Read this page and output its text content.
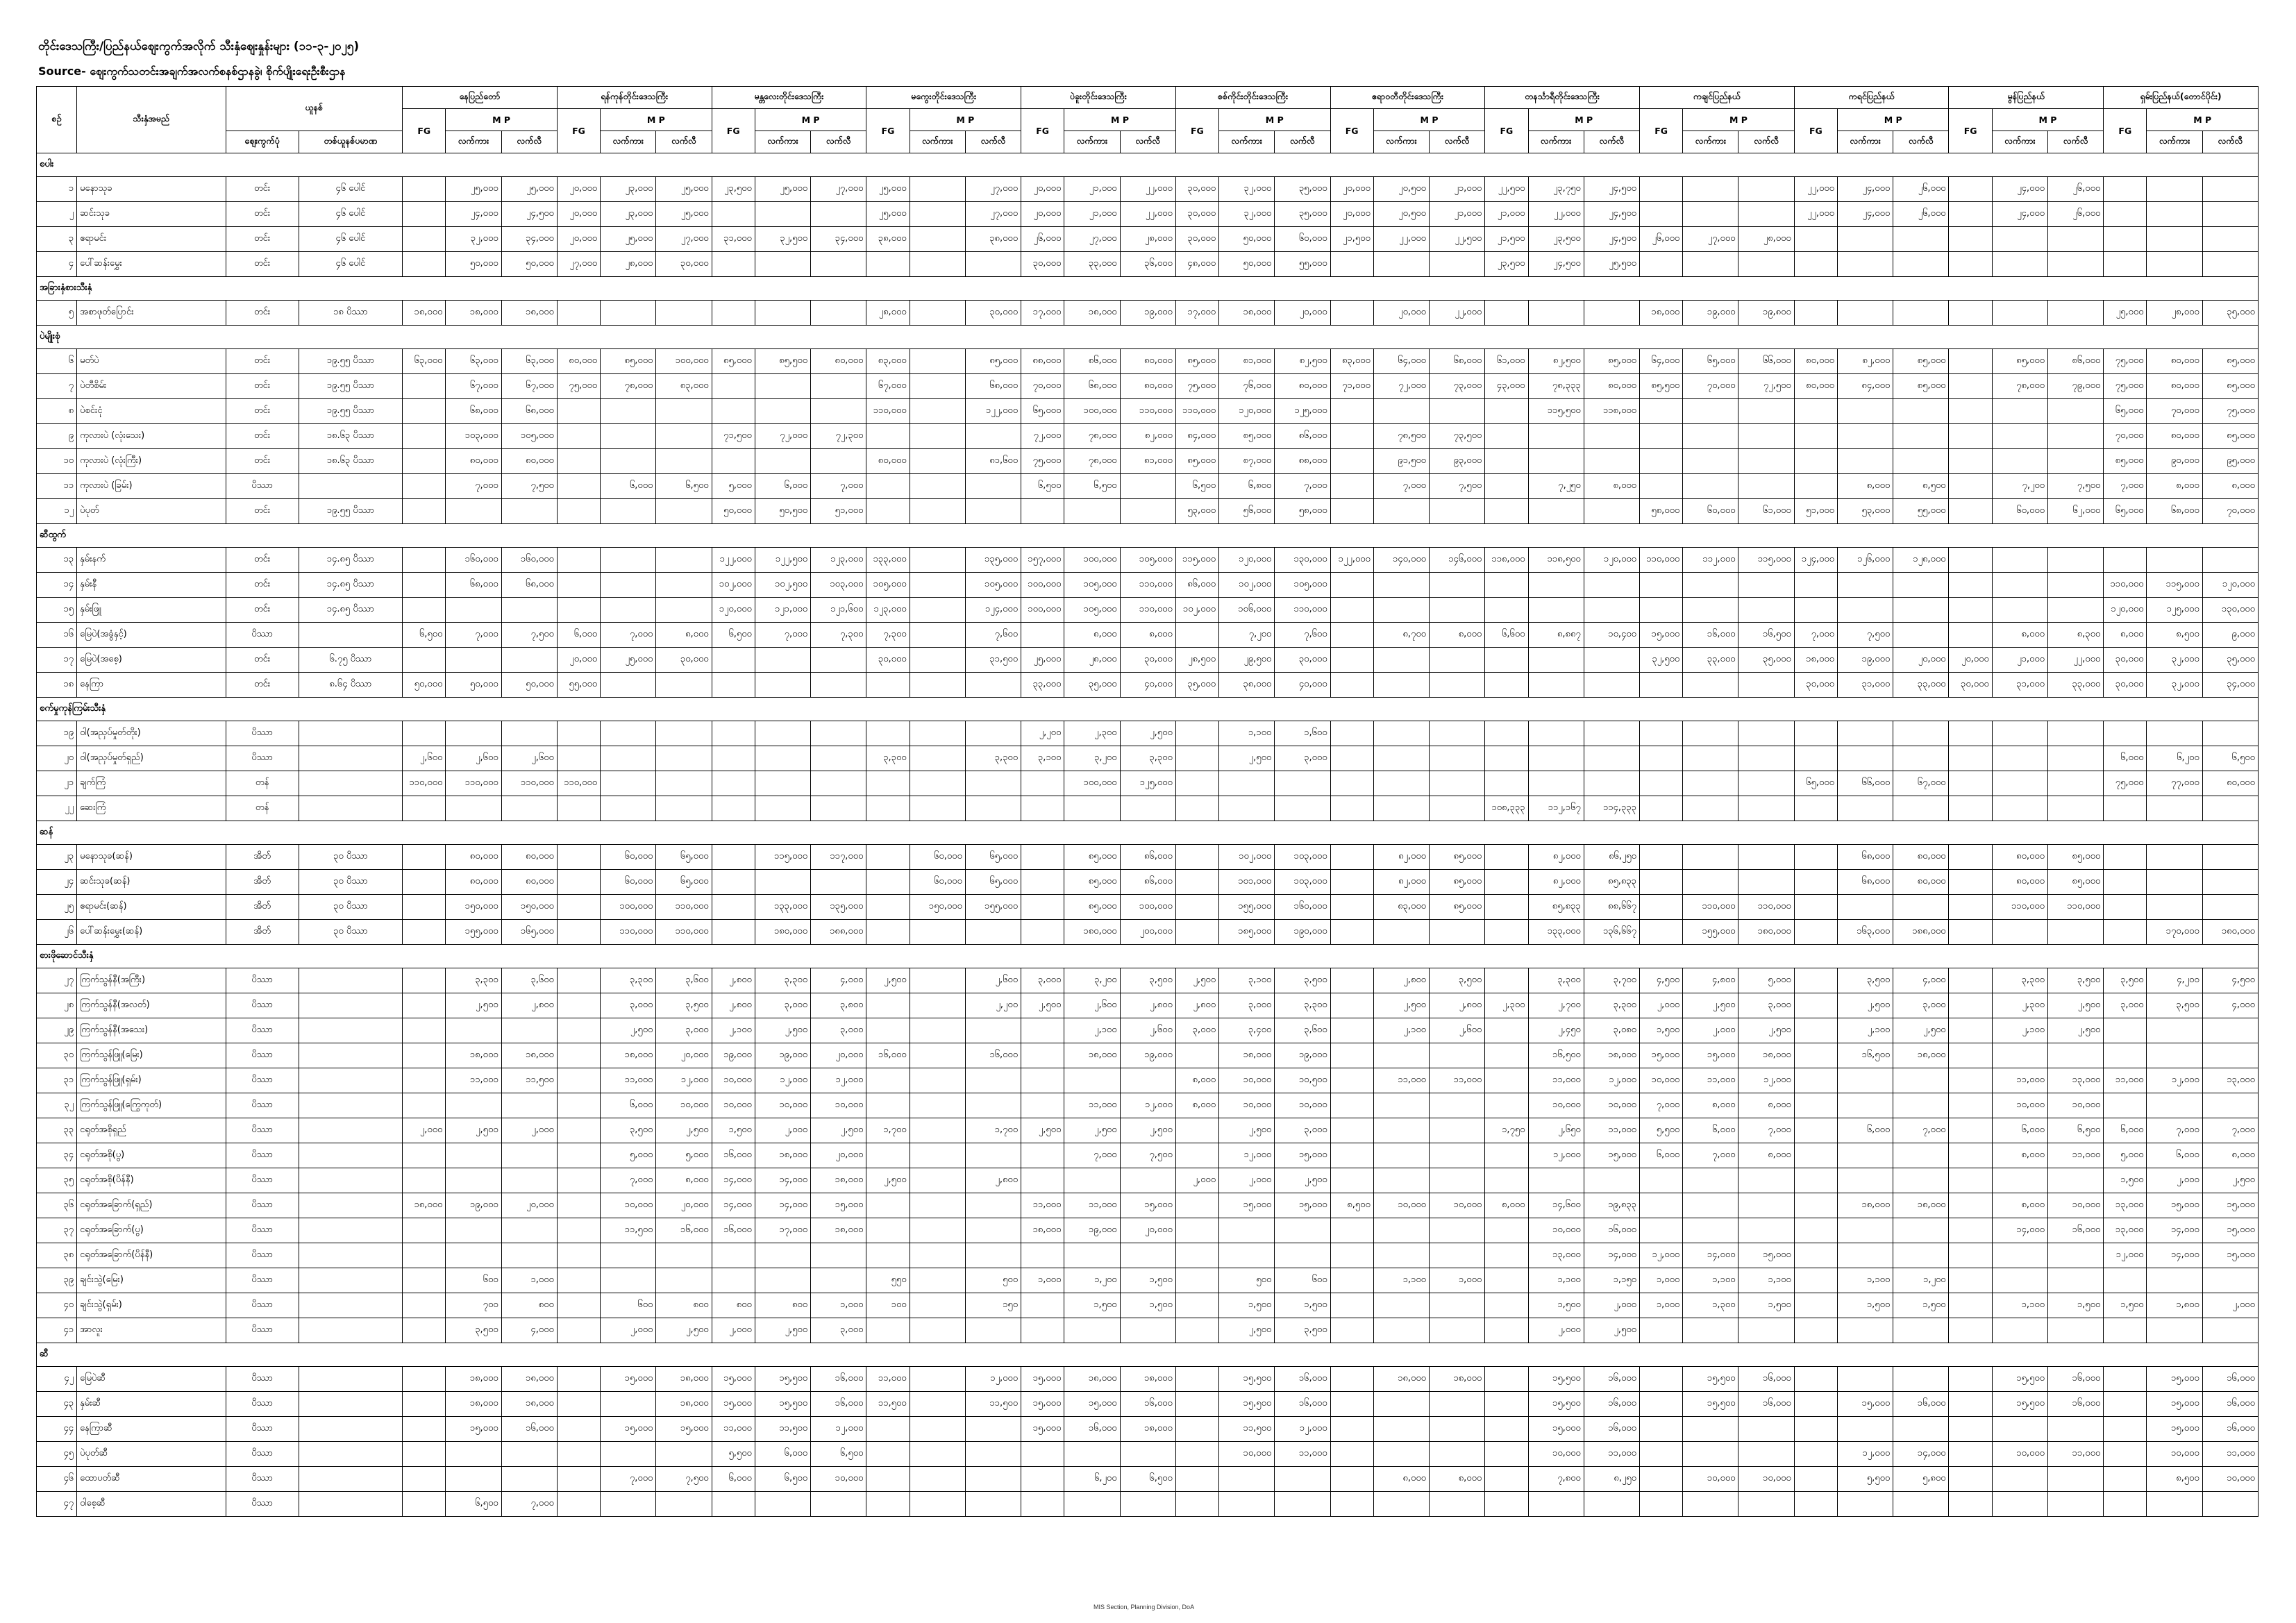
တိုင်းဒေသကြီး/ပြည်နယ်ဈေးကွက်အလိုက် သီးနှံဈေးနှုန်းများ (၁၁-၃-၂၀၂၅)
Source- ဈေးကွက်သတင်းအချက်အလက်စနစ်ဌာနခွဲ၊ စိုက်ပျိုးရေးဦးစီးဌာန
စဉ်	သီးနှံအမည်	ယူနစ်		နေပြည်တော်			ရန်ကုန်တိုင်းဒေသကြီး			မန္တလေးတိုင်းဒေသကြီး			မကွေးတိုင်းဒေသကြီး			ပဲခူးတိုင်းဒေသကြီး			စစ်ကိုင်းတိုင်းဒေသကြီး			ဧရာဝတီတိုင်းဒေသကြီး			တနင်္သာရီတိုင်းဒေသကြီး			ကချင်ပြည်နယ်			ကရင်ပြည်နယ်			မွန်ပြည်နယ်			ရှမ်းပြည်နယ်(တောင်ပိုင်း)		
				FG	M P		FG	M P		FG	M P		FG	M P		FG	M P		FG	M P		FG	M P		FG	M P		FG	M P		FG	M P		FG	M P		FG	M P	
		ဈေးကွက်ပုံ	တစ်ယူနစ်ပမာဏ		လက်ကား	လက်လီ		လက်ကား	လက်လီ		လက်ကား	လက်လီ		လက်ကား	လက်လီ		လက်ကား	လက်လီ		လက်ကား	လက်လီ		လက်ကား	လက်လီ		လက်ကား	လက်လီ		လက်ကား	လက်လီ		လက်ကား	လက်လီ		လက်ကား	လက်လီ		လက်ကား	လက်လီ
စပါး																																							
၁	မနောသုခ	တင်း	၄၆ ပေါင်		၂၅,၀၀၀	၂၅,၀၀၀	၂၀,၀၀၀	၂၃,၀၀၀	၂၅,၀၀၀	၂၃,၅၀၀	၂၅,၀၀၀	၂၇,၀၀၀	၂၅,၀၀၀		၂၇,၀၀၀	၂၀,၀၀၀	၂၁,၀၀၀	၂၂,၀၀၀	၃၀,၀၀၀	၃၂,၀၀၀	၃၅,၀၀၀	၂၀,၀၀၀	၂၀,၅၀၀	၂၁,၀၀၀	၂၂,၅၀၀	၂၃,၇၅၀	၂၄,၅၀၀				၂၂,၀၀၀	၂၄,၀၀၀	၂၆,၀၀၀		၂၄,၀၀၀	၂၆,၀၀၀			
၂	ဆင်းသုခ	တင်း	၄၆ ပေါင်		၂၄,၀၀၀	၂၄,၅၀၀	၂၀,၀၀၀	၂၃,၀၀၀	၂၅,၀၀၀				၂၅,၀၀၀		၂၇,၀၀၀	၂၀,၀၀၀	၂၁,၀၀၀	၂၂,၀၀၀	၃၀,၀၀၀	၃၂,၀၀၀	၃၅,၀၀၀	၂၀,၀၀၀	၂၀,၅၀၀	၂၁,၀၀၀	၂၁,၀၀၀	၂၂,၀၀၀	၂၄,၅၀၀				၂၂,၀၀၀	၂၄,၀၀၀	၂၆,၀၀၀		၂၄,၀၀၀	၂၆,၀၀၀			
၃	ဧရာမင်း	တင်း	၄၆ ပေါင်		၃၂,၀၀၀	၃၄,၀၀၀	၂၀,၀၀၀	၂၅,၀၀၀	၂၇,၀၀၀	၃၁,၀၀၀	၃၂,၅၀၀	၃၄,၀၀၀	၃၈,၀၀၀		၃၈,၀၀၀	၂၆,၀၀၀	၂၇,၀၀၀	၂၈,၀၀၀	၃၀,၀၀၀	၅၀,၀၀၀	၆၀,၀၀၀	၂၁,၅၀၀	၂၂,၀၀၀	၂၂,၅၀၀	၂၁,၅၀၀	၂၃,၅၀၀	၂၄,၅၀၀	၂၆,၀၀၀	၂၇,၀၀၀	၂၈,၀၀၀									
၄	ပေါ်ဆန်းမွှေး	တင်း	၄၆ ပေါင်		၅၀,၀၀၀	၅၀,၀၀၀	၂၇,၀၀၀	၂၈,၀၀၀	၃၀,၀၀၀							၃၀,၀၀၀	၃၃,၀၀၀	၃၆,၀၀၀	၄၈,၀၀၀	၅၀,၀၀၀	၅၅,၀၀၀				၂၃,၅၀၀	၂၄,၅၀၀	၂၅,၅၀၀												
အခြားနှံစားသီးနှံ																																							
၅	အစာဖုတ်ပြောင်း	တင်း	၁၈ ပိဿာ	၁၈,၀၀၀	၁၈,၀၀၀	၁၈,၀၀၀							၂၈,၀၀၀		၃၀,၀၀၀	၁၇,၀၀၀	၁၈,၀၀၀	၁၉,၀၀၀	၁၇,၀၀၀	၁၈,၀၀၀	၂၀,၀၀၀		၂၀,၀၀၀	၂၂,၀၀၀				၁၈,၀၀၀	၁၉,၀၀၀	၁၉,၈၀၀							၂၅,၀၀၀	၂၈,၀၀၀	၃၅,၀၀၀
ပဲမျိုးစုံ																																							
၆	မတ်ပဲ	တင်း	၁၉.၅၅ ပိဿာ	၆၃,၀၀၀	၆၃,၀၀၀	၆၃,၀၀၀	၈၀,၀၀၀	၈၅,၀၀၀	၁၀၀,၀၀၀	၈၅,၀၀၀	၈၅,၅၀၀	၈၀,၀၀၀	၈၃,၀၀၀		၈၅,၀၀၀	၈၈,၀၀၀	၈၆,၀၀၀	၈၀,၀၀၀	၈၅,၀၀၀	၈၁,၀၀၀	၈၂,၅၀၀	၈၃,၀၀၀	၆၄,၀၀၀	၆၈,၀၀၀	၆၁,၀၀၀	၈၂,၅၀၀	၈၅,၀၀၀	၆၄,၀၀၀	၆၅,၀၀၀	၆၆,၀၀၀	၈၀,၀၀၀	၈၂,၀၀၀	၈၅,၀၀၀		၈၅,၀၀၀	၈၆,၀၀၀	၇၅,၀၀၀	၈၀,၀၀၀	၈၅,၀၀၀
၇	ပဲတီစိမ်း	တင်း	၁၉.၅၅ ပိဿာ		၆၇,၀၀၀	၆၇,၀၀၀	၇၅,၀၀၀	၇၈,၀၀၀	၈၃,၀၀၀				၆၇,၀၀၀		၆၈,၀၀၀	၇၀,၀၀၀	၆၈,၀၀၀	၈၀,၀၀၀	၇၅,၀၀၀	၇၆,၀၀၀	၈၀,၀၀၀	၇၁,၀၀၀	၇၂,၀၀၀	၇၃,၀၀၀	၄၃,၀၀၀	၇၈,၃၃၃	၈၀,၀၀၀	၈၅,၅၀၀	၇၀,၀၀၀	၇၂,၅၀၀	၈၀,၀၀၀	၈၄,၀၀၀	၈၅,၀၀၀		၇၈,၀၀၀	၇၉,၀၀၀	၇၅,၀၀၀	၈၀,၀၀၀	၈၅,၀၀၀
၈	ပဲစင်းငုံ	တင်း	၁၉.၅၅ ပိဿာ		၆၈,၀၀၀	၆၈,၀၀၀							၁၁၀,၀၀၀		၁၂၂,၀၀၀	၆၅,၀၀၀	၁၀၀,၀၀၀	၁၁၀,၀၀၀	၁၁၀,၀၀၀	၁၂၀,၀၀၀	၁၂၅,၀၀၀					၁၁၅,၅၀၀	၁၁၈,၀၀၀										၆၅,၀၀၀	၇၀,၀၀၀	၇၅,၀၀၀
၉	ကုလားပဲ (လုံးသေး)	တင်း	၁၈.၆၃ ပိဿာ		၁၀၃,၀၀၀	၁၀၅,၀၀၀				၇၁,၅၀၀	၇၂,၀၀၀	၇၂,၃၀၀				၇၂,၀၀၀	၇၈,၀၀၀	၈၂,၀၀၀	၈၄,၀၀၀	၈၅,၀၀၀	၈၆,၀၀၀		၇၈,၅၀၀	၇၃,၅၀၀													၇၀,၀၀၀	၈၀,၀၀၀	၈၅,၀၀၀
၁၀	ကုလားပဲ (လုံးကြီး)	တင်း	၁၈.၆၃ ပိဿာ		၈၀,၀၀၀	၈၀,၀၀၀							၈၀,၀၀၀		၈၁,၆၀၀	၇၅,၀၀၀	၇၈,၀၀၀	၈၁,၀၀၀	၈၅,၀၀၀	၈၇,၀၀၀	၈၈,၀၀၀		၉၁,၅၀၀	၉၃,၀၀၀													၈၅,၀၀၀	၉၀,၀၀၀	၉၅,၀၀၀
၁၁	ကုလားပဲ (ခြမ်း)	ပိဿာ			၇,၀၀၀	၇,၅၀၀		၆,၀၀၀	၆,၅၀၀	၅,၀၀၀	၆,၀၀၀	၇,၀၀၀				၆,၅၀၀	၆,၅၀၀		၆,၅၀၀	၆,၈၀၀	၇,၀၀၀		၇,၀၀၀	၇,၅၀၀		၇,၂၅၀	၈,၀၀၀					၈,၀၀၀	၈,၅၀၀		၇,၂၀၀	၇,၅၀၀	၇,၀၀၀	၈,၀၀၀	၈,၀၀၀
၁၂	ပဲပုတ်	တင်း	၁၉.၅၅ ပိဿာ							၅၀,၀၀၀	၅၀,၅၀၀	၅၁,၀၀၀							၅၃,၀၀၀	၅၆,၀၀၀	၅၈,၀၀၀							၅၈,၀၀၀	၆၀,၀၀၀	၆၁,၀၀၀	၅၁,၀၀၀	၅၃,၀၀၀	၅၅,၀၀၀		၆၀,၀၀၀	၆၂,၀၀၀	၆၅,၀၀၀	၆၈,၀၀၀	၇၀,၀၀၀
ဆီထွက်																																							
၁၃	နှမ်းနက်	တင်း	၁၄.၈၅ ပိဿာ		၁၆၀,၀၀၀	၁၆၀,၀၀၀				၁၂၂,၀၀၀	၁၂၂,၅၀၀	၁၂၃,၀၀၀	၁၃၃,၀၀၀		၁၃၅,၀၀၀	၁၅၇,၀၀၀	၁၀၀,၀၀၀	၁၀၅,၀၀၀	၁၁၅,၀၀၀	၁၂၀,၀၀၀	၁၃၀,၀၀၀	၁၂၂,၀၀၀	၁၄၀,၀၀၀	၁၄၆,၀၀၀	၁၁၈,၀၀၀	၁၁၈,၅၀၀	၁၂၀,၀၀၀	၁၁၀,၀၀၀	၁၁၂,၀၀၀	၁၁၅,၀၀၀	၁၂၄,၀၀၀	၁၂၆,၀၀၀	၁၂၈,၀၀၀						
၁၄	နှမ်းနီ	တင်း	၁၄.၈၅ ပိဿာ		၆၈,၀၀၀	၆၈,၀၀၀				၁၀၂,၀၀၀	၁၀၂,၅၀၀	၁၀၃,၀၀၀	၁၀၅,၀၀၀		၁၀၅,၀၀၀	၁၀၀,၀၀၀	၁၀၅,၀၀၀	၁၁၀,၀၀၀	၈၆,၀၀၀	၁၀၂,၀၀၀	၁၀၅,၀၀၀																၁၁၀,၀၀၀	၁၁၅,၀၀၀	၁၂၀,၀၀၀
၁၅	နှမ်းဖြူ	တင်း	၁၄.၈၅ ပိဿာ							၁၂၀,၀၀၀	၁၂၁,၀၀၀	၁၂၁,၆၀၀	၁၂၃,၀၀၀		၁၂၄,၀၀၀	၁၀၀,၀၀၀	၁၀၅,၀၀၀	၁၁၀,၀၀၀	၁၀၂,၀၀၀	၁၀၆,၀၀၀	၁၁၀,၀၀၀																၁၂၀,၀၀၀	၁၂၅,၀၀၀	၁၃၀,၀၀၀
၁၆	မြေပဲ(အခွံနှင့်)	ပိဿာ		၆,၅၀၀	၇,၀၀၀	၇,၅၀၀	၆,၀၀၀	၇,၀၀၀	၈,၀၀၀	၆,၅၀၀	၇,၀၀၀	၇,၃၀၀	၇,၃၀၀		၇,၆၀၀		၈,၀၀၀	၈,၀၀၀		၇,၂၀၀	၇,၆၀၀		၈,၇၀၀	၈,၀၀၀	၆,၆၀၀	၈,၈၈၇	၁၀,၄၀၀	၁၅,၀၀၀	၁၆,၀၀၀	၁၆,၅၀၀	၇,၀၀၀	၇,၅၀၀			၈,၀၀၀	၈,၃၀၀	၈,၀၀၀	၈,၅၀၀	၉,၀၀၀
၁၇	မြေပဲ(အစေ့)	တင်း	၆.၇၅ ပိဿာ				၂၀,၀၀၀	၂၅,၀၀၀	၃၀,၀၀၀				၃၀,၀၀၀		၃၁,၅၀၀	၂၅,၀၀၀	၂၈,၀၀၀	၃၀,၀၀၀	၂၈,၅၀၀	၂၉,၅၀၀	၃၀,၀၀၀							၃၂,၅၀၀	၃၃,၀၀၀	၃၅,၀၀၀	၁၈,၀၀၀	၁၉,၀၀၀	၂၀,၀၀၀	၂၀,၀၀၀	၂၁,၀၀၀	၂၂,၀၀၀	၃၀,၀၀၀	၃၂,၀၀၀	၃၅,၀၀၀
၁၈	နေကြာ	တင်း	၈.၆၄ ပိဿာ	၅၀,၀၀၀	၅၀,၀၀၀	၅၀,၀၀၀	၅၅,၀၀၀									၃၃,၀၀၀	၃၅,၀၀၀	၄၀,၀၀၀	၃၅,၀၀၀	၃၈,၀၀၀	၄၀,၀၀၀										၃၀,၀၀၀	၃၁,၀၀၀	၃၃,၀၀၀	၃၀,၀၀၀	၃၁,၀၀၀	၃၃,၀၀၀	၃၀,၀၀၀	၃၂,၀၀၀	၃၄,၀၀၀
စက်မှုကုန်ကြမ်းသီးနှံ																																							
၁၉	ဝါ(အညှပ်မှုတ်တိုး)	ပိဿာ														၂,၂၀၀	၂,၃၀၀	၂,၅၀၀		၁,၁၀၀	၁,၆၀၀																		
၂၀	ဝါ(အညှပ်မှုတ်ရှည်)	ပိဿာ		၂,၆၀၀	၂,၆၀၀	၂,၆၀၀							၃,၃၀၀		၃,၃၀၀	၃,၁၀၀	၃,၂၀၀	၃,၃၀၀		၂,၅၀၀	၃,၀၀၀																၆,၀၀၀	၆,၂၀၀	၆,၅၀၀
၂၁	ချက်ကြံ	တန်		၁၁၀,၀၀၀	၁၁၀,၀၀၀	၁၁၀,၀၀၀	၁၁၀,၀၀၀										၁၀၀,၀၀၀	၁၂၅,၀၀၀													၆၅,၀၀၀	၆၆,၀၀၀	၆၇,၀၀၀				၇၅,၀၀၀	၇၇,၀၀၀	၈၀,၀၀၀
၂၂	ဆေးကြံ	တန်																							၁၀၈,၃၃၃	၁၁၂,၁၆၇	၁၁၄,၃၃၃												
ဆန်																																							
၂၃	မနောသုခ(ဆန်)	အိတ်	၃၀ ပိဿာ		၈၀,၀၀၀	၈၀,၀၀၀		၆၀,၀၀၀	၆၅,၀၀၀		၁၁၅,၀၀၀	၁၁၇,၀၀၀		၆၀,၀၀၀	၆၅,၀၀၀		၈၅,၀၀၀	၈၆,၀၀၀		၁၀၂,၀၀၀	၁၀၃,၀၀၀		၈၂,၀၀၀	၈၅,၀၀၀		၈၂,၀၀၀	၈၆,၂၅၀					၆၈,၀၀၀	၈၀,၀၀၀		၈၀,၀၀၀	၈၅,၀၀၀			
၂၄	ဆင်းသုခ(ဆန်)	အိတ်	၃၀ ပိဿာ		၈၀,၀၀၀	၈၀,၀၀၀		၆၀,၀၀၀	၆၅,၀၀၀					၆၀,၀၀၀	၆၅,၀၀၀		၈၅,၀၀၀	၈၆,၀၀၀		၁၀၁,၀၀၀	၁၀၃,၀၀၀		၈၂,၀၀၀	၈၅,၀၀၀		၈၂,၀၀၀	၈၅,၈၃၃					၆၈,၀၀၀	၈၀,၀၀၀		၈၀,၀၀၀	၈၅,၀၀၀			
၂၅	ဧရာမင်း(ဆန်)	အိတ်	၃၀ ပိဿာ		၁၅၀,၀၀၀	၁၅၀,၀၀၀		၁၀၀,၀၀၀	၁၁၀,၀၀၀		၁၃၃,၀၀၀	၁၃၅,၀၀၀		၁၅၀,၀၀၀	၁၅၅,၀၀၀		၈၅,၀၀၀	၁၀၀,၀၀၀		၁၅၅,၀၀၀	၁၆၀,၀၀၀		၈၃,၀၀၀	၈၅,၀၀၀		၈၅,၈၃၃	၈၈,၆၆၇		၁၁၀,၀၀၀	၁၁၀,၀၀၀					၁၁၀,၀၀၀	၁၁၀,၀၀၀			
၂၆	ပေါ်ဆန်းမွှေး(ဆန်)	အိတ်	၃၀ ပိဿာ		၁၅၅,၀၀၀	၁၆၅,၀၀၀		၁၁၀,၀၀၀	၁၁၀,၀၀၀		၁၈၀,၀၀၀	၁၈၈,၀၀၀					၁၈၀,၀၀၀	၂၀၀,၀၀၀		၁၈၅,၀၀၀	၁၉၀,၀၀၀					၁၃၃,၀၀၀	၁၃၆,၆၆၇		၁၅၅,၀၀၀	၁၈၀,၀၀၀		၁၆၃,၀၀၀	၁၈၈,၀၀၀					၁၇၀,၀၀၀	၁၈၀,၀၀၀
စားဖိုဆောင်သီးနှံ																																							
၂၇	ကြက်သွန်နီ(အကြီး)	ပိဿာ			၃,၃၀၀	၃,၆၀၀		၃,၃၀၀	၃,၆၀၀	၂,၈၀၀	၃,၃၀၀	၄,၀၀၀	၂,၅၀၀		၂,၆၀၀	၃,၀၀၀	၃,၂၀၀	၃,၅၀၀	၂,၅၀၀	၃,၁၀၀	၃,၅၀၀		၂,၈၀၀	၃,၅၀၀		၃,၃၀၀	၃,၇၀၀	၄,၅၀၀	၄,၈၀၀	၅,၀၀၀		၃,၅၀၀	၄,၀၀၀		၃,၃၀၀	၃,၅၀၀	၃,၅၀၀	၄,၂၀၀	၄,၅၀၀
၂၈	ကြက်သွန်နီ(အလတ်)	ပိဿာ			၂,၅၀၀	၂,၈၀၀		၃,၀၀၀	၃,၅၀၀	၂,၈၀၀	၃,၀၀၀	၃,၈၀၀			၂,၂၀၀	၂,၅၀၀	၂,၆၀၀	၂,၈၀၀	၂,၈၀၀	၃,၀၀၀	၃,၃၀၀		၂,၅၀၀	၂,၈၀၀	၂,၃၀၀	၂,၇၀၀	၃,၃၀၀	၂,၀၀၀	၂,၅၀၀	၃,၀၀၀		၂,၅၀၀	၃,၀၀၀		၂,၃၀၀	၂,၅၀၀	၃,၀၀၀	၃,၅၀၀	၄,၀၀၀
၂၉	ကြက်သွန်နီ(အသေး)	ပိဿာ						၂,၅၀၀	၃,၀၀၀	၂,၁၀၀	၂,၅၀၀	၃,၀၀၀					၂,၁၀၀	၂,၆၀၀	၃,၀၀၀	၃,၄၀၀	၃,၆၀၀		၂,၁၀၀	၂,၆၀၀		၂,၄၅၀	၃,၀၈၀	၁,၅၀၀	၂,၀၀၀	၂,၅၀၀		၂,၁၀၀	၂,၅၀၀		၂,၁၀၀	၂,၅၀၀			
၃၀	ကြက်သွန်ဖြူ(မြေး)	ပိဿာ			၁၈,၀၀၀	၁၈,၀၀၀		၁၈,၀၀၀	၂၀,၀၀၀	၁၉,၀၀၀	၁၉,၀၀၀	၂၀,၀၀၀	၁၆,၀၀၀		၁၆,၀၀၀		၁၈,၀၀၀	၁၉,၀၀၀		၁၈,၀၀၀	၁၉,၀၀၀					၁၆,၅၀၀	၁၈,၀၀၀	၁၅,၀၀၀	၁၅,၀၀၀	၁၈,၀၀၀		၁၆,၅၀၀	၁၈,၀၀၀						
၃၁	ကြက်သွန်ဖြူ(ရှမ်း)	ပိဿာ			၁၁,၀၀၀	၁၁,၅၀၀		၁၁,၀၀၀	၁၂,၀၀၀	၁၀,၀၀၀	၁၂,၀၀၀	၁၂,၀၀၀							၈,၀၀၀	၁၀,၀၀၀	၁၀,၅၀၀		၁၁,၀၀၀	၁၁,၀၀၀		၁၁,၀၀၀	၁၂,၀၀၀	၁၀,၀၀၀	၁၁,၀၀၀	၁၂,၀၀၀					၁၁,၀၀၀	၁၃,၀၀၀	၁၁,၀၀၀	၁၂,၀၀၀	၁၃,၀၀၀
၃၂	ကြက်သွန်ဖြူ(ကြွေကုတ်)	ပိဿာ						၆,၀၀၀	၁၀,၀၀၀	၁၀,၀၀၀	၁၀,၀၀၀	၁၀,၀၀၀					၁၁,၀၀၀	၁၂,၀၀၀	၈,၀၀၀	၁၀,၀၀၀	၁၀,၀၀၀					၁၀,၀၀၀	၁၀,၀၀၀	၇,၀၀၀	၈,၀၀၀	၈,၀၀၀					၁၀,၀၀၀	၁၀,၀၀၀			
၃၃	ငရုတ်အစိုရှည်	ပိဿာ		၂,၀၀၀	၂,၅၀၀	၂,၀၀၀		၃,၅၀၀	၂,၅၀၀	၁,၅၀၀	၂,၀၀၀	၂,၅၀၀	၁,၇၀၀		၁,၇၀၀	၂,၅၀၀	၂,၅၀၀	၂,၅၀၀		၂,၅၀၀	၃,၀၀၀				၁,၇၅၀	၂,၆၅၀	၁၁,၀၀၀	၅,၅၀၀	၆,၀၀၀	၇,၀၀၀		၆,၀၀၀	၇,၀၀၀		၆,၀၀၀	၆,၅၀၀	၆,၀၀၀	၇,၀၀၀	၇,၀၀၀
၃၄	ငရုတ်အစို(ပွ)	ပိဿာ						၅,၀၀၀	၅,၀၀၀	၁၆,၀၀၀	၁၈,၀၀၀	၂၀,၀၀၀					၇,၀၀၀	၇,၅၀၀		၁၂,၀၀၀	၁၅,၀၀၀					၁၂,၀၀၀	၁၅,၀၀၀	၆,၀၀၀	၇,၀၀၀	၈,၀၀၀					၈,၀၀၀	၁၁,၀၀၀	၅,၀၀၀	၆,၀၀၀	၈,၀၀၀
၃၅	ငရုတ်အစို(ပိန်နီ)	ပိဿာ						၇,၀၀၀	၈,၀၀၀	၁၄,၀၀၀	၁၄,၀၀၀	၁၈,၀၀၀	၂,၅၀၀		၂,၈၀၀				၂,၀၀၀	၂,၀၀၀	၂,၅၀၀																၁,၅၀၀	၂,၀၀၀	၂,၅၀၀
၃၆	ငရုတ်အခြောက်(ရှည်)	ပိဿာ		၁၈,၀၀၀	၁၉,၀၀၀	၂၀,၀၀၀		၁၀,၀၀၀	၂၀,၀၀၀	၁၄,၀၀၀	၁၄,၀၀၀	၁၅,၀၀၀				၁၁,၀၀၀	၁၁,၀၀၀	၁၅,၀၀၀		၁၅,၀၀၀	၁၅,၀၀၀	၈,၅၀၀	၁၀,၀၀၀	၁၀,၀၀၀	၈,၀၀၀	၁၄,၆၀၀	၁၉,၈၃၃					၁၈,၀၀၀	၁၈,၀၀၀		၈,၀၀၀	၁၀,၀၀၀	၁၃,၀၀၀	၁၅,၀၀၀	၁၅,၀၀၀
၃၇	ငရုတ်အခြောက်(ပွ)	ပိဿာ						၁၁,၅၀၀	၁၆,၀၀၀	၁၆,၀၀၀	၁၇,၀၀၀	၁၈,၀၀၀				၁၈,၀၀၀	၁၉,၀၀၀	၂၀,၀၀၀								၁၀,၀၀၀	၁၆,၀၀၀								၁၄,၀၀၀	၁၆,၀၀၀	၁၃,၀၀၀	၁၄,၀၀၀	၁၅,၀၀၀
၃၈	ငရုတ်အခြောက်(ပိန်နီ)	ပိဿာ																								၁၃,၀၀၀	၁၄,၀၀၀	၁၂,၀၀၀	၁၄,၀၀၀	၁၅,၀၀၀							၁၂,၀၀၀	၁၄,၀၀၀	၁၅,၀၀၀
၃၉	ချင်းသွဲ(မြေး)	ပိဿာ			၆၀၀	၁,၀၀၀							၅၅၀		၅၀၀	၁,၀၀၀	၁,၂၀၀	၁,၅၀၀		၅၀၀	၆၀၀		၁,၁၀၀	၁,၀၀၀		၁,၁၀၀	၁,၁၅၀	၁,၀၀၀	၁,၁၀၀	၁,၁၀၀		၁,၁၀၀	၁,၂၀၀						
၄၀	ချင်းသွဲ(ရှမ်း)	ပိဿာ			၇၀၀	၈၀၀		၆၀၀	၈၀၀	၈၀၀	၈၀၀	၁,၀၀၀	၁၀၀		၁၅၀		၁,၅၀၀	၁,၅၀၀		၁,၅၀၀	၁,၅၀၀					၁,၅၀၀	၂,၀၀၀	၁,၀၀၀	၁,၃၀၀	၁,၅၀၀		၁,၅၀၀	၁,၅၀၀		၁,၁၀၀	၁,၅၀၀	၁,၅၀၀	၁,၈၀၀	၂,၀၀၀
၄၁	အာလူး	ပိဿာ			၃,၅၀၀	၄,၀၀၀		၂,၀၀၀	၂,၅၀၀	၂,၀၀၀	၂,၅၀၀	၃,၀၀၀								၂,၅၀၀	၃,၅၀၀					၂,၀၀၀	၂,၅၀၀												
ဆီ																																							
၄၂	မြေပဲဆီ	ပိဿာ			၁၈,၀၀၀	၁၈,၀၀၀		၁၅,၀၀၀	၁၈,၀၀၀	၁၅,၀၀၀	၁၅,၅၀၀	၁၆,၀၀၀	၁၁,၀၀၀		၁၂,၀၀၀	၁၅,၀၀၀	၁၈,၀၀၀	၁၈,၀၀၀		၁၅,၅၀၀	၁၆,၀၀၀		၁၈,၀၀၀	၁၈,၀၀၀		၁၅,၅၀၀	၁၆,၀၀၀		၁၅,၅၀၀	၁၆,၀၀၀					၁၅,၅၀၀	၁၆,၀၀၀		၁၅,၀၀၀	၁၆,၀၀၀
၄၃	နှမ်းဆီ	ပိဿာ			၁၈,၀၀၀	၁၈,၀၀၀			၁၈,၀၀၀	၁၅,၀၀၀	၁၅,၅၀၀	၁၆,၀၀၀	၁၁,၅၀၀		၁၁,၅၀၀	၁၅,၀၀၀	၁၅,၀၀၀	၁၆,၀၀၀		၁၅,၅၀၀	၁၆,၀၀၀					၁၅,၅၀၀	၁၆,၀၀၀		၁၅,၅၀၀	၁၆,၀၀၀		၁၅,၀၀၀	၁၆,၀၀၀		၁၅,၅၀၀	၁၆,၀၀၀		၁၅,၀၀၀	၁၆,၀၀၀
၄၄	နေကြာဆီ	ပိဿာ			၁၅,၀၀၀	၁၆,၀၀၀		၁၅,၀၀၀	၁၅,၀၀၀	၁၁,၀၀၀	၁၁,၅၀၀	၁၂,၀၀၀				၁၅,၀၀၀	၁၆,၀၀၀	၁၈,၀၀၀		၁၁,၅၀၀	၁၂,၀၀၀					၁၅,၀၀၀	၁၆,၀၀၀											၁၅,၀၀၀	၁၆,၀၀၀
၄၅	ပဲပုတ်ဆီ	ပိဿာ								၅,၅၀၀	၆,၀၀၀	၆,၅၀၀								၁၀,၀၀၀	၁၁,၀၀၀					၁၀,၀၀၀	၁၁,၀၀၀					၁၂,၀၀၀	၁၄,၀၀၀		၁၀,၀၀၀	၁၁,၀၀၀		၁၀,၀၀၀	၁၁,၀၀၀
၄၆	ထောပတ်ဆီ	ပိဿာ						၇,၀၀၀	၇,၅၀၀	၆,၀၀၀	၆,၅၀၀	၁၀,၀၀၀					၆,၂၀၀	၆,၅၀၀					၈,၀၀၀	၈,၀၀၀		၇,၈၀၀	၈,၂၅၀		၁၀,၀၀၀	၁၀,၀၀၀		၅,၅၀၀	၅,၈၀၀					၈,၅၀၀	၁၀,၀၀၀
၄၇	ဝါစေ့ဆီ	ပိဿာ			၆,၅၀၀	၇,၀၀၀																																	
MIS Section, Planning Division, DoA
